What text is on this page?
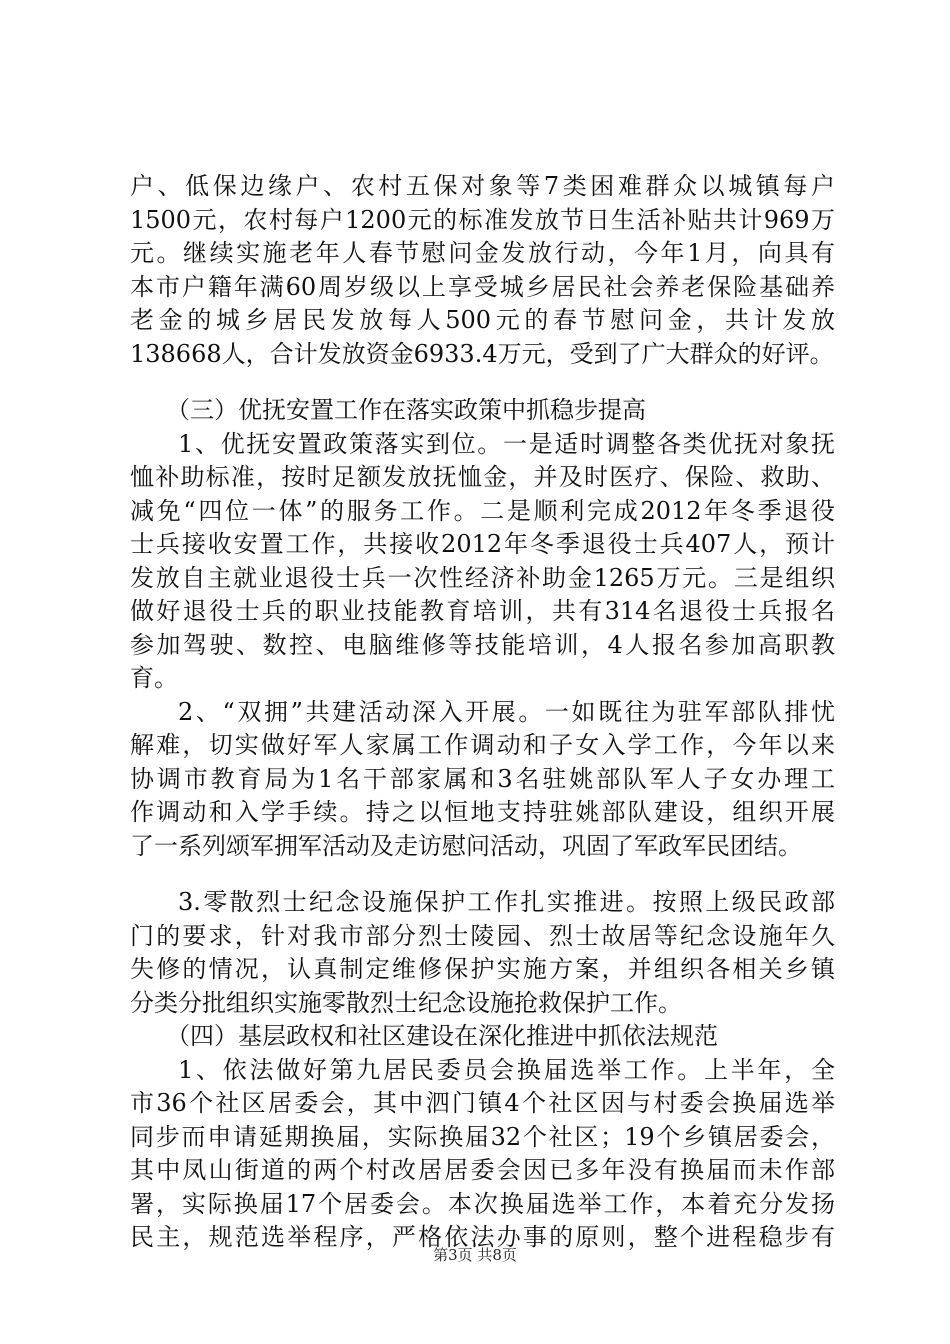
户、低保边缘户、农村五保对象等7类困难群众以城镇每户
1500元，农村每户1200元的标准发放节日生活补贴共计969万
元。继续实施老年人春节慰问金发放行动，今年1月，向具有
本市户籍年满60周岁级以上享受城乡居民社会养老保险基础养
老金的城乡居民发放每人500元的春节慰问金，共计发放
138668人，合计发放资金6933.4万元，受到了广大群众的好评。
（三）优抚安置工作在落实政策中抓稳步提高
1、优抚安置政策落实到位。一是适时调整各类优抚对象抚
恤补助标准，按时足额发放抚恤金，并及时医疗、保险、救助、
减免“四位一体”的服务工作。二是顺利完成2012年冬季退役
士兵接收安置工作，共接收2012年冬季退役士兵407人，预计
发放自主就业退役士兵一次性经济补助金1265万元。三是组织
做好退役士兵的职业技能教育培训，共有314名退役士兵报名
参加驾驶、数控、电脑维修等技能培训，4人报名参加高职教
育。
2、“双拥”共建活动深入开展。一如既往为驻军部队排忧
解难，切实做好军人家属工作调动和子女入学工作，今年以来
协调市教育局为1名干部家属和3名驻姚部队军人子女办理工
作调动和入学手续。持之以恒地支持驻姚部队建设，组织开展
了一系列颂军拥军活动及走访慰问活动，巩固了军政军民团结。
3.零散烈士纪念设施保护工作扎实推进。按照上级民政部
门的要求，针对我市部分烈士陵园、烈士故居等纪念设施年久
失修的情况，认真制定维修保护实施方案，并组织各相关乡镇
分类分批组织实施零散烈士纪念设施抢救保护工作。
（四）基层政权和社区建设在深化推进中抓依法规范
1、依法做好第九居民委员会换届选举工作。上半年，全
市36个社区居委会，其中泗门镇4个社区因与村委会换届选举
同步而申请延期换届，实际换届32个社区；19个乡镇居委会，
其中凤山街道的两个村改居居委会因已多年没有换届而未作部
署，实际换届17个居委会。本次换届选举工作，本着充分发扬
民主，规范选举程序，严格依法办事的原则，整个进程稳步有
第3页 共8页
